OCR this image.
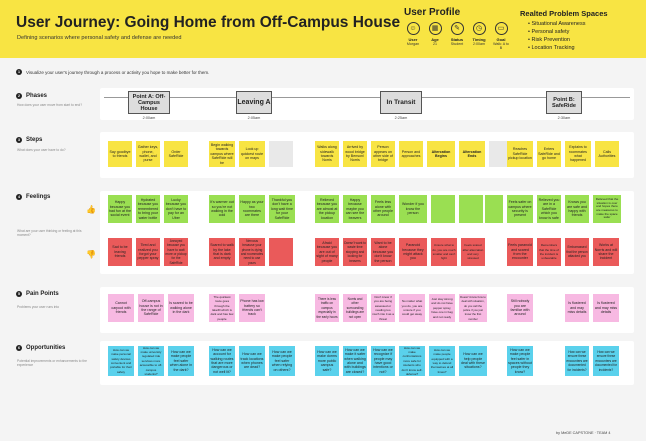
User Journey: Going Home from Off-Campus House
Defining scenarios where personal safety and defense are needed
User Profile
☺
User
Morgan
▦
Age
21
✎
Status
Student
◷
Timing
2:00am
▭
Goal
Walk: A to B
Realted Problem Spaces
• Situational Awareness
• Personal safety
• Risk Prevention
• Location Tracking
1	Visualize your user's journey through a process or activity you hope to make better for them.
2	Phases
How does your user move from start to end?
3	Steps
What does your user have to do?
4	Feelings
What are your user thinking or feeling at this moment?
👍
👎
5	Pain Points
Problems your user runs into
6	Opportunities
Potential improvements or enhancements to the experience
Point A: Off-Campus House
2:00am
Leaving A
2:05am
In Transit
2:25am
Point B: SafeRide
2:30am
Say goodbye to friends
Gather keys, phone, wallet, and purse
Order SafeRide
Begin walking towards campus where SafeRide will be
Look up quickest route on maps
Walks along sidewalk towards Norris
Arrived by wood bridge by Benson/ Norris
Person appears on other side of bridge
Person and approaches
Altercation Begins
Altercation Ends
Reaches SafeRide pickup location
Enters SafeRide and go home
Explains to roommates what happened
Calls Authorities
Happy because you had fun at the social event
Hydrated because you remembered to bring your water bottle
Lucky because you don't have to pay for an Uber
It's warmer out so you're not walking in the cold
Happy as your two roommates are there
Thankful you don't have a long wait time for your SafeRide
Relieved because you are almost at the pickup location
Happy because maybe you can see the beavers
Feels less alone with other people around
Wonder if you know the person
Feels safer on campus where security is present
Relieved you are in a SafeRide which you know is safe
Knows you are safe and happy with friends
Relieved that the situation is over and hopes there are measures to make the space safer
Sad to be leaving friends
Tired and realized you forgot your pepper spray
Annoyed because you have to wait more or pickup for the SafeRide
Scared to walk by the lake that is dark and empty
Nervous because your phone is dying and roommates need to use yours
Afraid because you are out of sight of many people
Doesn't want to waste time stopping and looking for beavers
Want to be alone because you don't know the person
Paranoid because they might attack you
Unsure what to do, you are much smaller and can't fight
Feels scared after altercation and very stressed
Feels paranoid and scared from the encounter
Remembers that the time of the incident is unbearable
Embarrassed that the person attacked you
Works at Norris and will share the incident
Cannot carpool with friends
Off-campus house is not in the range of SafeRide
Is scared to be walking alone in the dark
The quickest route goes through the lakefill which is dark and has few people
Phone has low battery so friends can't track
There is less traffic on campus especially in the early hours
Norris and other surrounding buildings are not open
Don't know if you are being assessed or reading too much into it as a threat
No matter what you do, you are unsure if you could get away
Just stay strong and do not have pepper spray, have one in bag and not ready
Doesn't know how to deal with situation, do you call the police if you just know the first number
Still nobody you are familiar with around
Is flustered and may miss details
Is flustered and may miss details
How can we make personal safety devices convenient and portable for their safety
How can we make university regulated ride services more accessible to off-campus students?
How can we make people feel safer when alone in the dark?
How can we account for walking routes that are more dangerous or not well lit?
How can we track locations when phones are dead?
How can we make people feel safer when relying on others?
How can we make dorms more public campus safe?
How can we make it safer when walking alone and with buildings are closed?
How can we recognize if people may have good intentions or not?
How can we make confrontations more safe for students who don't know self-defense?
How can we make people equipped with a way to defend themselves at all times?
How can we help people deal with these situations?
How can we make people feel safer in spaces without people they know?
How can we ensure these encounters are documented for incidents?
How can we ensure these encounters are documented for incidents?
by MeDE CAPSTONE · TEAM 4
